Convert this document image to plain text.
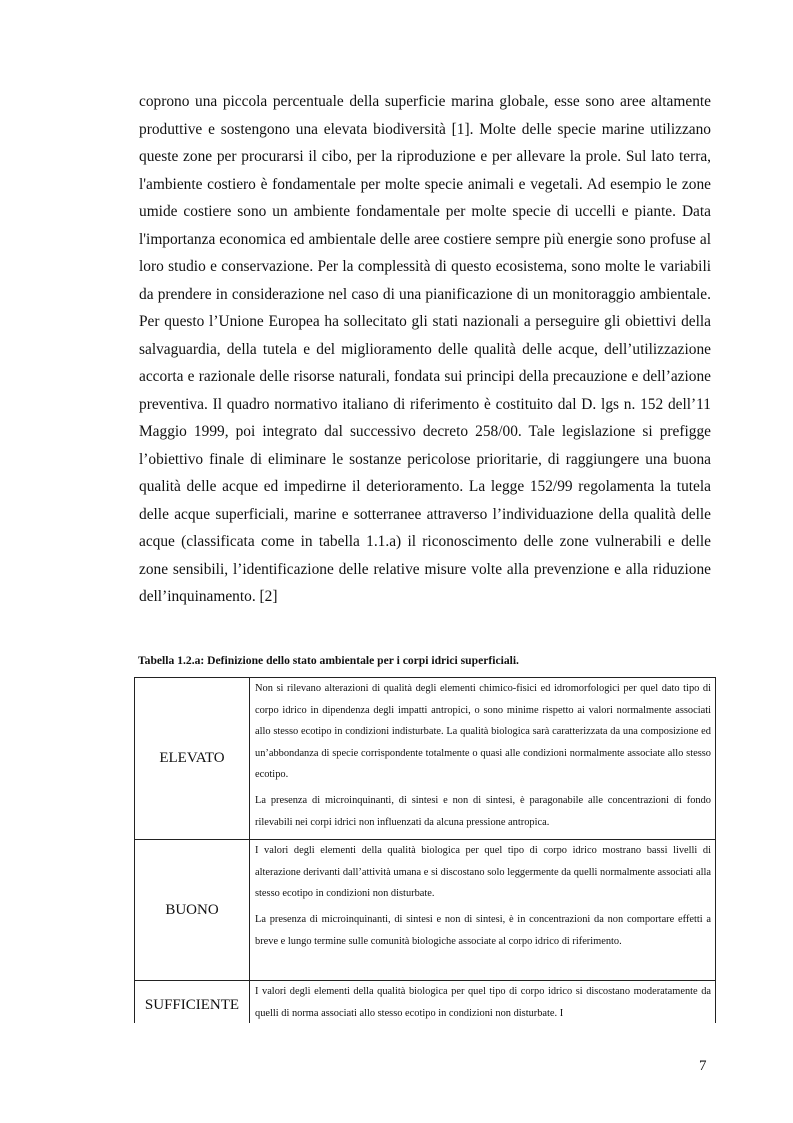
coprono una piccola percentuale della superficie marina globale, esse sono aree altamente produttive e sostengono una elevata biodiversità [1]. Molte delle specie marine utilizzano queste zone per procurarsi il cibo, per la riproduzione e per allevare la prole. Sul lato terra, l'ambiente costiero è fondamentale per molte specie animali e vegetali. Ad esempio le zone umide costiere sono un ambiente fondamentale per molte specie di uccelli e piante. Data l'importanza economica ed ambientale delle aree costiere sempre più energie sono profuse al loro studio e conservazione. Per la complessità di questo ecosistema, sono molte le variabili da prendere in considerazione nel caso di una pianificazione di un monitoraggio ambientale. Per questo l’Unione Europea ha sollecitato gli stati nazionali a perseguire gli obiettivi della salvaguardia, della tutela e del miglioramento delle qualità delle acque, dell’utilizzazione accorta e razionale delle risorse naturali, fondata sui principi della precauzione e dell’azione preventiva. Il quadro normativo italiano di riferimento è costituito dal D. lgs n. 152 dell’11 Maggio 1999, poi integrato dal successivo decreto 258/00. Tale legislazione si prefigge l’obiettivo finale di eliminare le sostanze pericolose prioritarie, di raggiungere una buona qualità delle acque ed impedirne il deterioramento. La legge 152/99 regolamenta la tutela delle acque superficiali, marine e sotterranee attraverso l’individuazione della qualità delle acque (classificata come in tabella 1.1.a) il riconoscimento delle zone vulnerabili e delle zone sensibili, l’identificazione delle relative misure volte alla prevenzione e alla riduzione dell’inquinamento. [2]

Tabella 1.2.a: Definizione dello stato ambientale per i corpi idrici superficiali.

ELEVATO	Non si rilevano alterazioni di qualità degli elementi chimico-fisici ed idromorfologici per quel dato tipo di corpo idrico in dipendenza degli impatti antropici, o sono minime rispetto ai valori normalmente associati allo stesso ecotipo in condizioni indisturbate. La qualità biologica sarà caratterizzata da una composizione ed un’abbondanza di specie corrispondente totalmente o quasi alle condizioni normalmente associate allo stesso ecotipo.

La presenza di microinquinanti, di sintesi e non di sintesi, è paragonabile alle concentrazioni di fondo rilevabili nei corpi idrici non influenzati da alcuna pressione antropica.

BUONO	I valori degli elementi della qualità biologica per quel tipo di corpo idrico mostrano bassi livelli di alterazione derivanti dall’attività umana e si discostano solo leggermente da quelli normalmente associati alla stesso ecotipo in condizioni non disturbate.

La presenza di microinquinanti, di sintesi e non di sintesi, è in concentrazioni da non comportare effetti a breve e lungo termine sulle comunità biologiche associate al corpo idrico di riferimento.

SUFFICIENTE	I valori degli elementi della qualità biologica per quel tipo di corpo idrico si discostano moderatamente da quelli di norma associati allo stesso ecotipo in condizioni non disturbate. I

7
